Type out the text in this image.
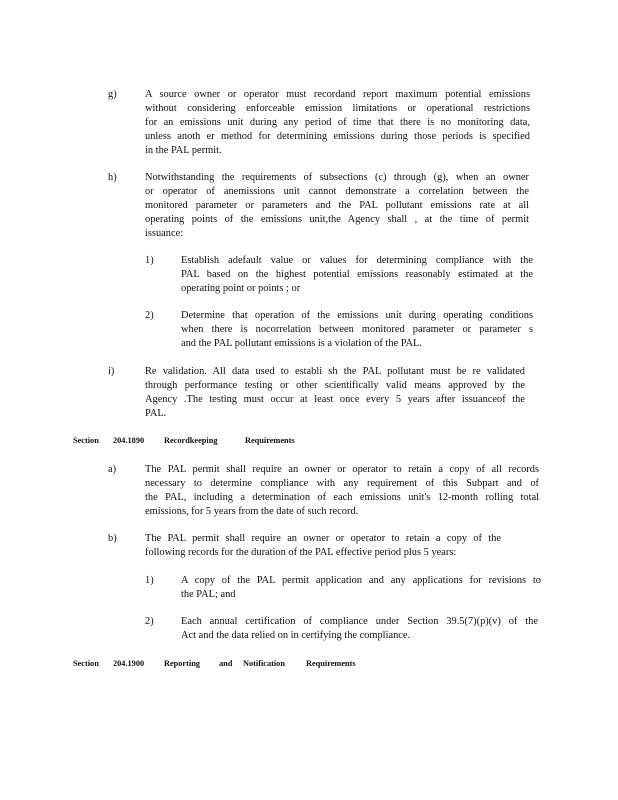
g)	A source owner or operator must recordand report maximum potential emissions
without considering enforceable emission limitations or operational restrictions
for an emissions unit during any period of time that there is no monitoring data,
unless anoth er method for determining emissions during those periods is specified
in the PAL permit.
h)	Notwithstanding the requirements of subsections (c) through (g), when an owner
or operator of anemissions unit cannot demonstrate a correlation between the
monitored parameter or parameters and the PAL pollutant emissions rate at all
operating points of the emissions unit,the Agency shall , at the time of permit
issuance:
1)	Establish adefault value or values for determining compliance with the
PAL based on the highest potential emissions reasonably estimated at the
operating point or points ; or
2)	Determine that operation of the emissions unit during operating conditions
when there is nocorrelation between monitored parameter or parameter s
and the PAL pollutant emissions is a violation of the PAL.
i)	Re validation. All data used to establi sh the PAL pollutant must be re validated
through performance testing or other scientifically valid means approved by the
Agency .The testing must occur at least once every 5 years after issuanceof the
PAL.
Section 204.1890 Recordkeeping	Requirements
a)	The PAL permit shall require an owner or operator to retain a copy of all records
necessary to determine compliance with any requirement of this Subpart and of
the PAL, including a determination of each emissions unit's 12-month rolling total
emissions, for 5 years from the date of such record.
b)	The PAL permit shall require an owner or operator to retain a copy of the
following records for the duration of the PAL effective period plus 5 years:
1)	A copy of the PAL permit application and any applications for revisions to
the PAL; and
2)	Each annual certification of compliance under Section 39.5(7)(p)(v) of the
Act and the data relied on in certifying the compliance.
Section 204.1900 Reporting and Notification	Requirements
